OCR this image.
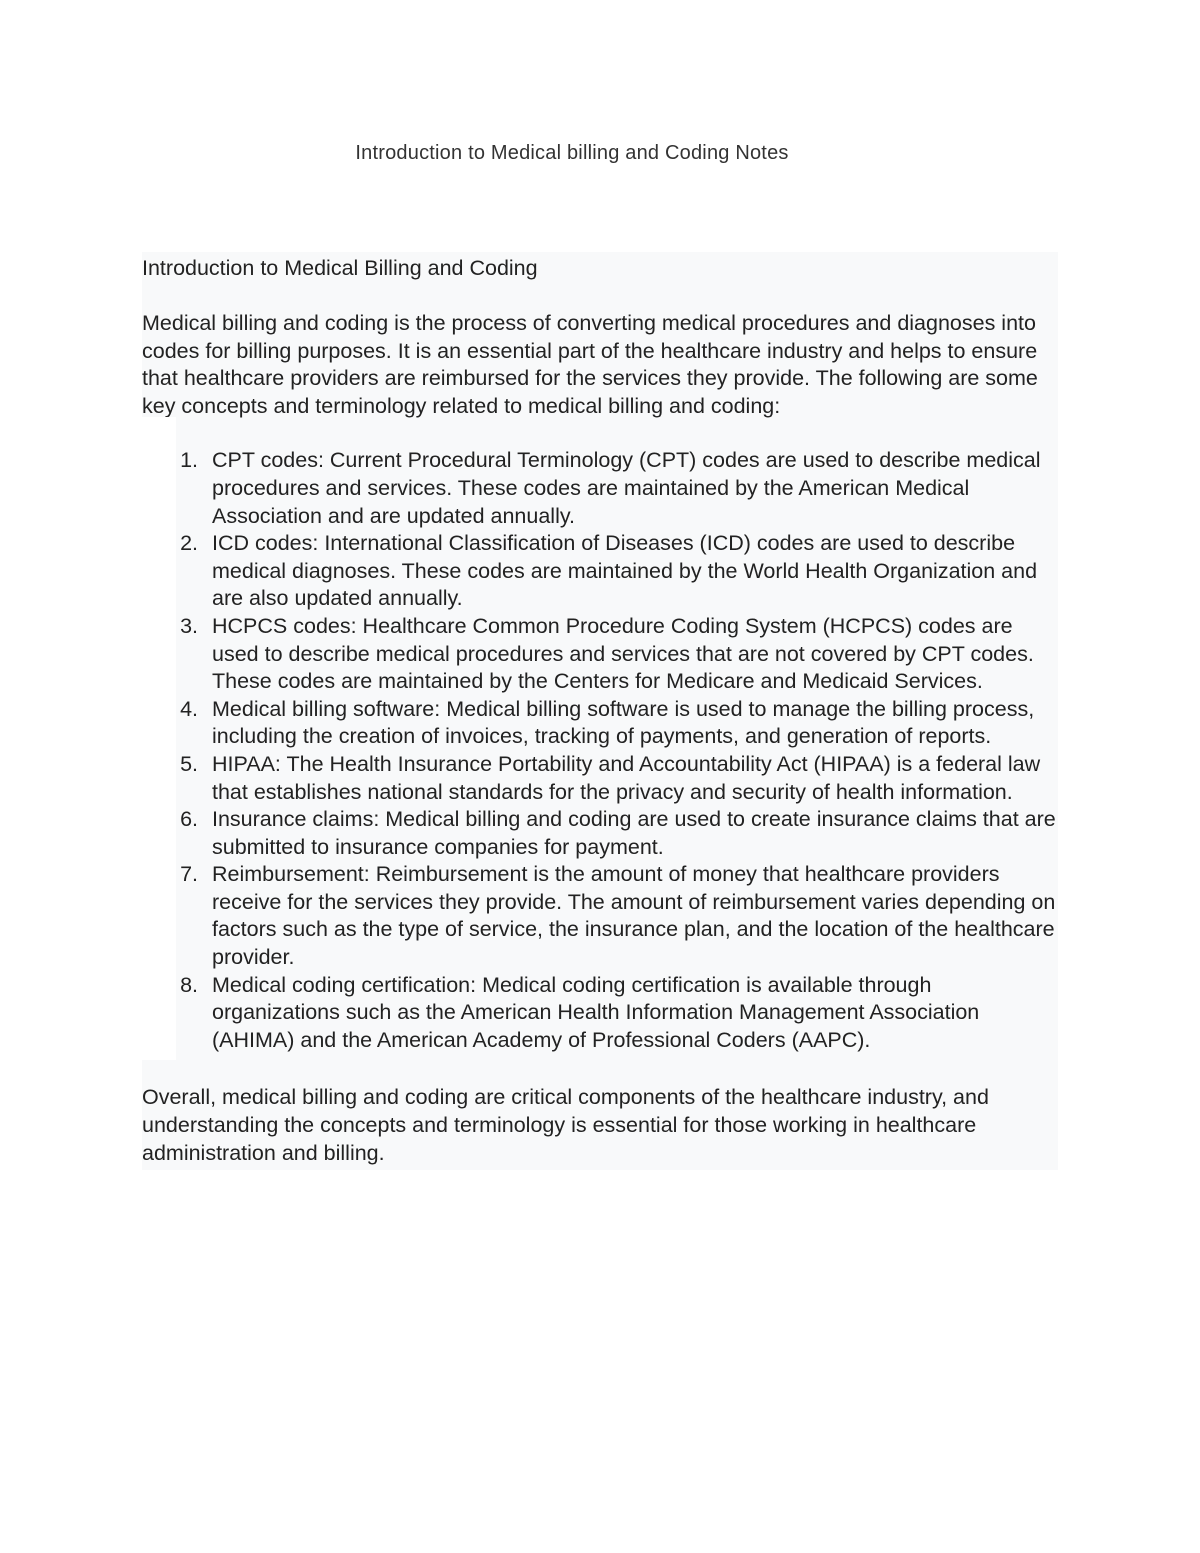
Introduction to Medical billing and Coding Notes

Introduction to Medical Billing and Coding

Medical billing and coding is the process of converting medical procedures and diagnoses into codes for billing purposes. It is an essential part of the healthcare industry and helps to ensure that healthcare providers are reimbursed for the services they provide. The following are some key concepts and terminology related to medical billing and coding:

1. CPT codes: Current Procedural Terminology (CPT) codes are used to describe medical procedures and services. These codes are maintained by the American Medical Association and are updated annually.
2. ICD codes: International Classification of Diseases (ICD) codes are used to describe medical diagnoses. These codes are maintained by the World Health Organization and are also updated annually.
3. HCPCS codes: Healthcare Common Procedure Coding System (HCPCS) codes are used to describe medical procedures and services that are not covered by CPT codes. These codes are maintained by the Centers for Medicare and Medicaid Services.
4. Medical billing software: Medical billing software is used to manage the billing process, including the creation of invoices, tracking of payments, and generation of reports.
5. HIPAA: The Health Insurance Portability and Accountability Act (HIPAA) is a federal law that establishes national standards for the privacy and security of health information.
6. Insurance claims: Medical billing and coding are used to create insurance claims that are submitted to insurance companies for payment.
7. Reimbursement: Reimbursement is the amount of money that healthcare providers receive for the services they provide. The amount of reimbursement varies depending on factors such as the type of service, the insurance plan, and the location of the healthcare provider.
8. Medical coding certification: Medical coding certification is available through organizations such as the American Health Information Management Association (AHIMA) and the American Academy of Professional Coders (AAPC).

Overall, medical billing and coding are critical components of the healthcare industry, and understanding the concepts and terminology is essential for those working in healthcare administration and billing.
